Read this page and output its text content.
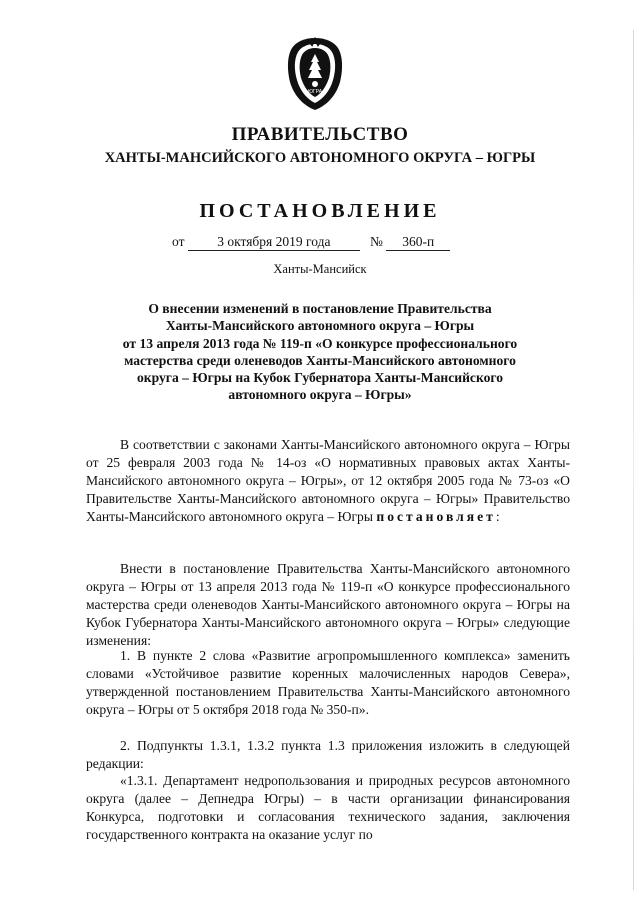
ЮГРА
ПРАВИТЕЛЬСТВО
ХАНТЫ-МАНСИЙСКОГО АВТОНОМНОГО ОКРУГА – ЮГРЫ
ПОСТАНОВЛЕНИЕ
от 3 октября 2019 года	№ 360-п
Ханты-Мансийск
О внесении изменений в постановление Правительства
Ханты-Мансийского автономного округа – Югры
от 13 апреля 2013 года № 119-п «О конкурсе профессионального
мастерства среди оленеводов Ханты-Мансийского автономного
округа – Югры на Кубок Губернатора Ханты-Мансийского
автономного округа – Югры»

В соответствии с законами Ханты-Мансийского автономного округа – Югры от 25 февраля 2003 года № 14-оз «О нормативных правовых актах Ханты-Мансийского автономного округа – Югры», от 12 октября 2005 года № 73-оз «О Правительстве Ханты-Мансийского автономного округа – Югры» Правительство Ханты-Мансийского автономного округа – Югры постановляет:

Внести в постановление Правительства Ханты-Мансийского автономного округа – Югры от 13 апреля 2013 года № 119-п «О конкурсе профессионального мастерства среди оленеводов Ханты-Мансийского автономного округа – Югры на Кубок Губернатора Ханты-Мансийского автономного округа – Югры» следующие изменения:

1. В пункте 2 слова «Развитие агропромышленного комплекса» заменить словами «Устойчивое развитие коренных малочисленных народов Севера», утвержденной постановлением Правительства Ханты-Мансийского автономного округа – Югры от 5 октября 2018 года № 350-п».

2. Подпункты 1.3.1, 1.3.2 пункта 1.3 приложения изложить в следующей редакции:

«1.3.1. Департамент недропользования и природных ресурсов автономного округа (далее – Депнедра Югры) – в части организации финансирования Конкурса, подготовки и согласования технического задания, заключения государственного контракта на оказание услуг по
